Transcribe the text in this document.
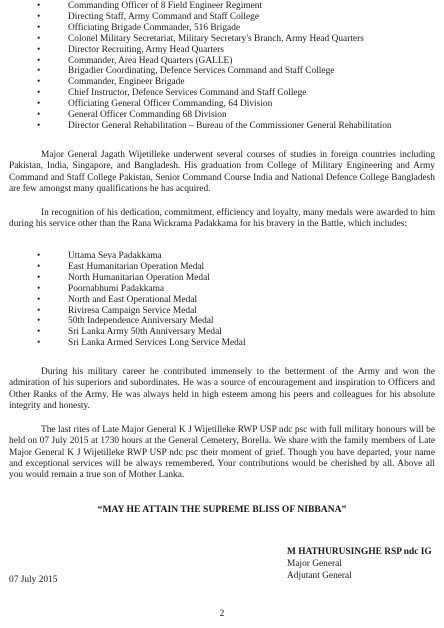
• Commanding Officer of 8 Field Engineer Regiment
• Directing Staff, Army Command and Staff College
• Officiating Brigade Commander, 516 Brigade
• Colonel Military Secretariat, Military Secretary's Branch, Army Head Quarters
• Director Recruiting, Army Head Quarters
• Commander, Area Head Quarters (GALLE)
• Brigadier Coordinating, Defence Services Command and Staff College
• Commander, Engineer Brigade
• Chief Instructor, Defence Services Command and Staff College
• Officiating General Officer Commanding, 64 Division
• General Officer Commanding 68 Division
• Director General Rehabilitation – Bureau of the Commissioner General Rehabilitation

Major General Jagath Wijetilleke underwent several courses of studies in foreign countries including Pakistan, India, Singapore, and Bangladesh. His graduation from College of Military Engineering and Army Command and Staff College Pakistan, Senior Command Course India and National Defence College Bangladesh are few amongst many qualifications he has acquired.

In recognition of his dedication, commitment, efficiency and loyalty, many medals were awarded to him during his service other than the Rana Wickrama Padakkama for his bravery in the Battle, which includes:

• Uttama Seva Padakkama
• East Humanitarian Operation Medal
• North Humanitarian Operation Medal
• Poornabhumi Padakkama
• North and East Operational Medal
• Riviresa Campaign Service Medal
• 50th Independence Anniversary Medal
• Sri Lanka Army 50th Anniversary Medal
• Sri Lanka Armed Services Long Service Medal

During his military career he contributed immensely to the betterment of the Army and won the admiration of his superiors and subordinates. He was a source of encouragement and inspiration to Officers and Other Ranks of the Army. He was always held in high esteem among his peers and colleagues for his absolute integrity and honesty.

The last rites of Late Major General K J Wijetilleke RWP USP ndc psc with full military honours will be held on 07 July 2015 at 1730 hours at the General Cemetery, Borella. We share with the family members of Late Major General K J Wijetilleke RWP USP ndc psc their moment of grief. Though you have departed, your name and exceptional services will be always remembered. Your contributions would be cherished by all. Above all you would remain a true son of Mother Lanka.

“MAY HE ATTAIN THE SUPREME BLISS OF NIBBANA”
M HATHURUSINGHE RSP ndc IG
Major General
Adjutant General
07 July 2015
2
